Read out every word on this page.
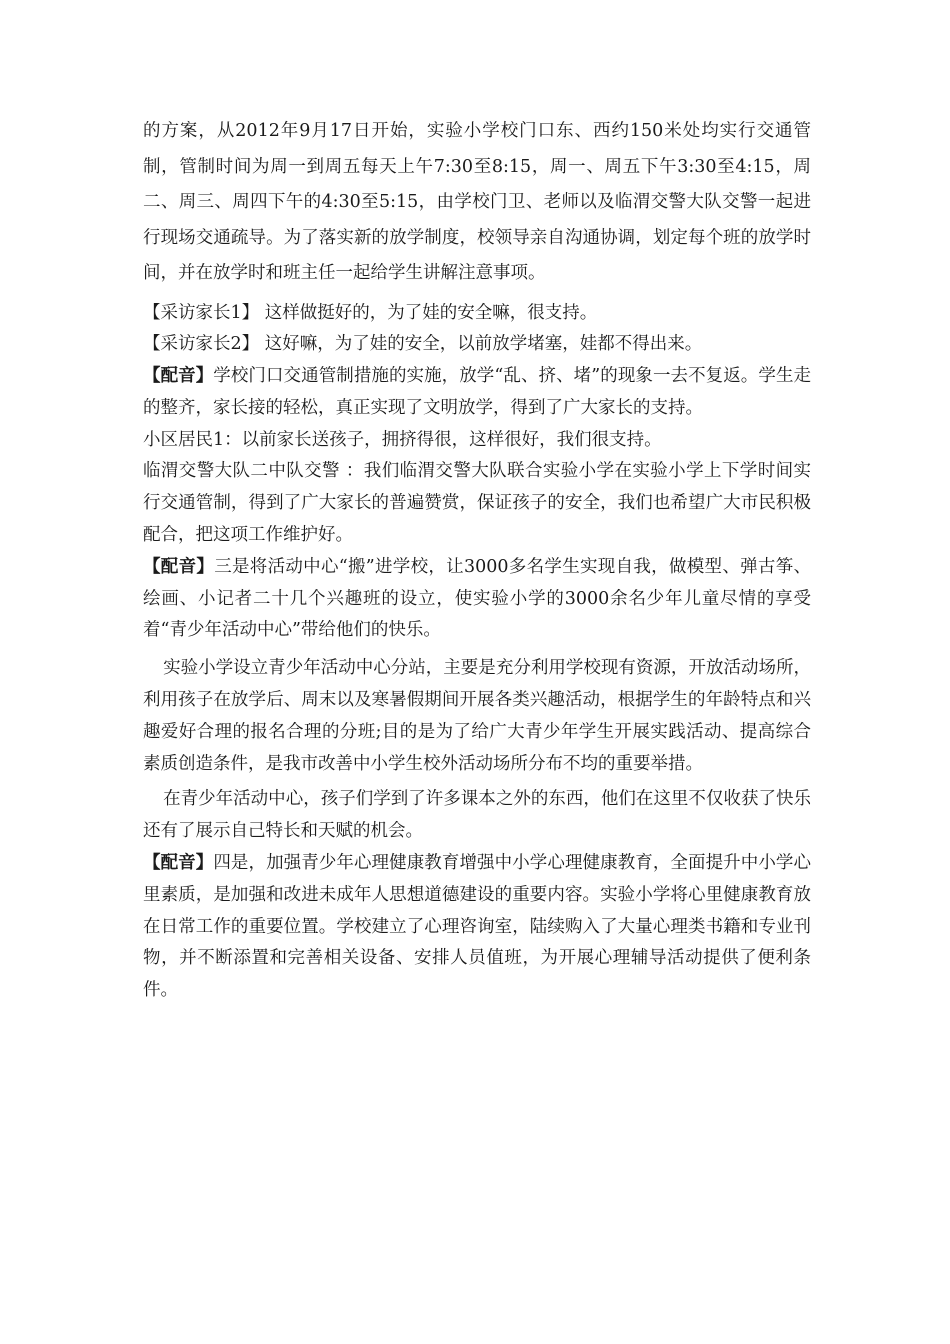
的方案，从2012年9月17日开始，实验小学校门口东、西约150米处均实行交通管制，管制时间为周一到周五每天上午7:30至8:15，周一、周五下午3:30至4:15，周二、周三、周四下午的4:30至5:15，由学校门卫、老师以及临渭交警大队交警一起进行现场交通疏导。为了落实新的放学制度，校领导亲自沟通协调，划定每个班的放学时间，并在放学时和班主任一起给学生讲解注意事项。

【采访家长1】 这样做挺好的，为了娃的安全嘛，很支持。

【采访家长2】 这好嘛，为了娃的安全，以前放学堵塞，娃都不得出来。

【配音】学校门口交通管制措施的实施，放学“乱、挤、堵”的现象一去不复返。学生走的整齐，家长接的轻松，真正实现了文明放学，得到了广大家长的支持。

小区居民1：以前家长送孩子，拥挤得很，这样很好，我们很支持。

临渭交警大队二中队交警 ：我们临渭交警大队联合实验小学在实验小学上下学时间实行交通管制，得到了广大家长的普遍赞赏，保证孩子的安全，我们也希望广大市民积极配合，把这项工作维护好。

【配音】三是将活动中心“搬”进学校，让3000多名学生实现自我，做模型、弹古筝、绘画、小记者二十几个兴趣班的设立，使实验小学的3000余名少年儿童尽情的享受着“青少年活动中心”带给他们的快乐。

实验小学设立青少年活动中心分站，主要是充分利用学校现有资源，开放活动场所，利用孩子在放学后、周末以及寒暑假期间开展各类兴趣活动，根据学生的年龄特点和兴趣爱好合理的报名合理的分班;目的是为了给广大青少年学生开展实践活动、提高综合素质创造条件，是我市改善中小学生校外活动场所分布不均的重要举措。

在青少年活动中心，孩子们学到了许多课本之外的东西，他们在这里不仅收获了快乐还有了展示自己特长和天赋的机会。

【配音】四是，加强青少年心理健康教育增强中小学心理健康教育，全面提升中小学心里素质，是加强和改进未成年人思想道德建设的重要内容。实验小学将心里健康教育放在日常工作的重要位置。学校建立了心理咨询室，陆续购入了大量心理类书籍和专业刊物，并不断添置和完善相关设备、安排人员值班，为开展心理辅导活动提供了便利条件。
